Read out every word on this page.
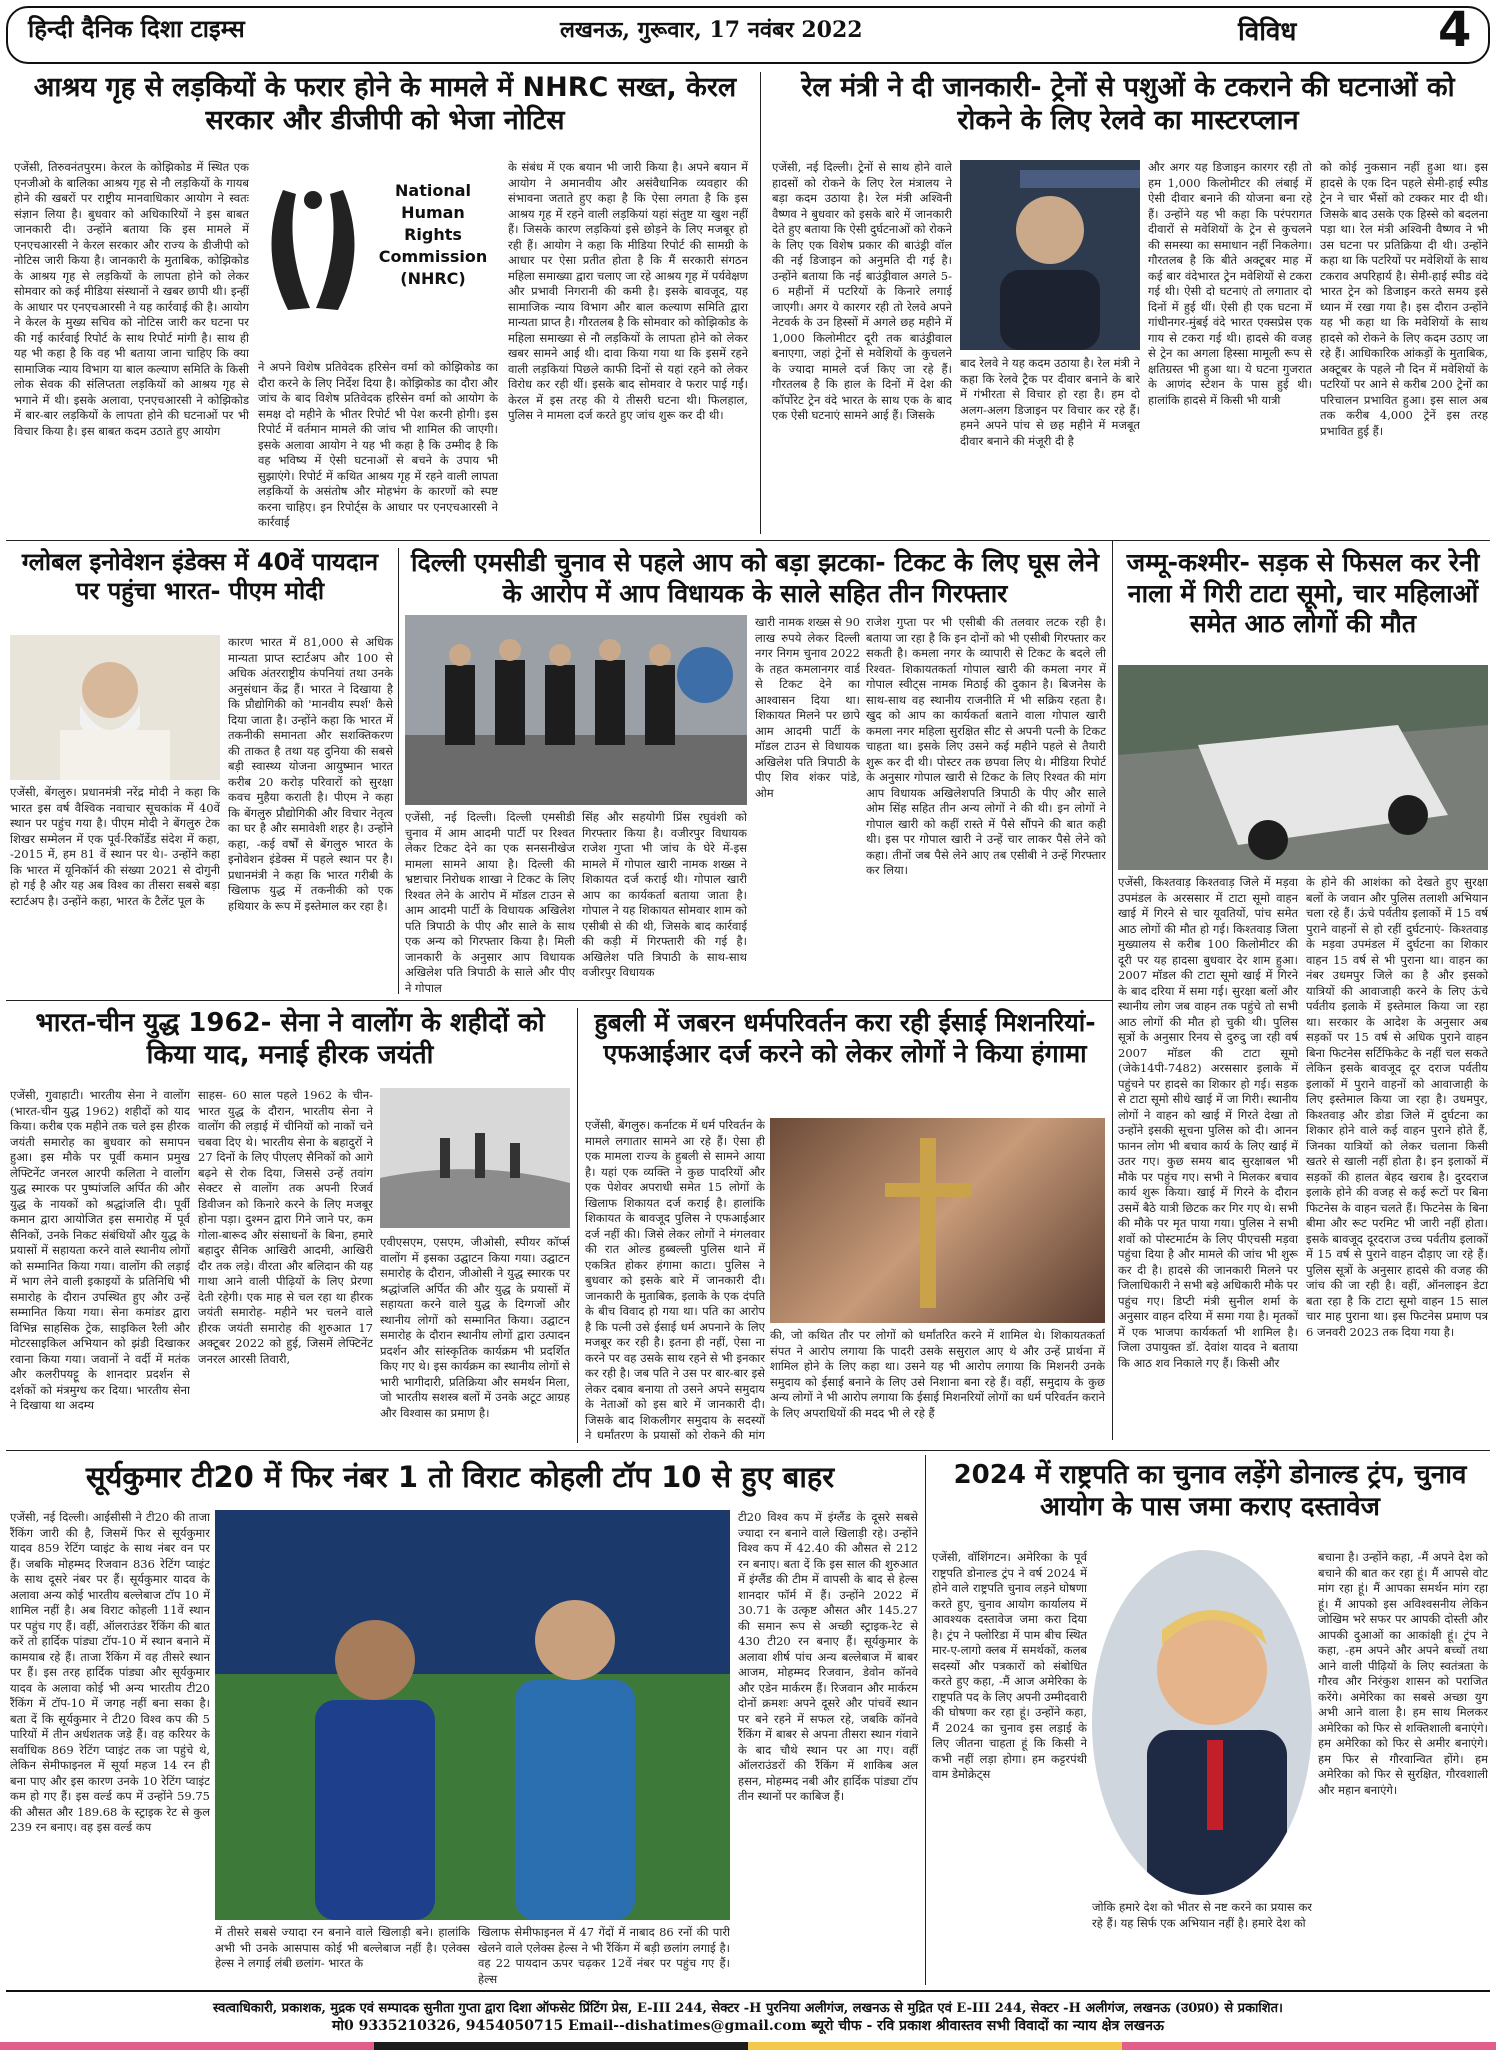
हिन्दी दैनिक दिशा टाइम्स	लखनऊ, गुरूवार, 17 नवंबर 2022	विविध	4
आश्रय गृह से लड़कियों के फरार होने के मामले में NHRC सख्त, केरल सरकार और डीजीपी को भेजा नोटिस
एजेंसी, तिरुवनंतपुरम। केरल के कोझिकोड में स्थित एक एनजीओ के बालिका आश्रय गृह से नौ लड़कियों के गायब होने की खबरों पर राष्ट्रीय मानवाधिकार आयोग ने स्वतः संज्ञान लिया है। बुधवार को अधिकारियों ने इस बाबत जानकारी दी। उन्होंने बताया कि इस मामले में एनएचआरसी ने केरल सरकार और राज्य के डीजीपी को नोटिस जारी किया है। जानकारी के मुताबिक, कोझिकोड के आश्रय गृह से लड़कियों के लापता होने को लेकर सोमवार को कई मीडिया संस्थानों ने खबर छापी थी। इन्हीं के आधार पर एनएचआरसी ने यह कार्रवाई की है। आयोग ने केरल के मुख्य सचिव को नोटिस जारी कर घटना पर की गई कार्रवाई रिपोर्ट के साथ रिपोर्ट मांगी है। साथ ही यह भी कहा है कि वह भी बताया जाना चाहिए कि क्या सामाजिक न्याय विभाग या बाल कल्याण समिति के किसी लोक सेवक की संलिप्तता लड़कियों को आश्रय गृह से भगाने में थी। इसके अलावा, एनएचआरसी ने कोझिकोड में बार-बार लड़कियों के लापता होने की घटनाओं पर भी विचार किया है। इस बाबत कदम उठाते हुए आयोग
National Human Rights Commission (NHRC)
ने अपने विशेष प्रतिवेदक हरिसेन वर्मा को कोझिकोड का दौरा करने के लिए निर्देश दिया है। कोझिकोड का दौरा और जांच के बाद विशेष प्रतिवेदक हरिसेन वर्मा को आयोग के समक्ष दो महीने के भीतर रिपोर्ट भी पेश करनी होगी। इस रिपोर्ट में वर्तमान मामले की जांच भी शामिल की जाएगी। इसके अलावा आयोग ने यह भी कहा है कि उम्मीद है कि वह भविष्य में ऐसी घटनाओं से बचने के उपाय भी सुझाएंगे। रिपोर्ट में कथित आश्रय गृह में रहने वाली लापता लड़कियों के असंतोष और मोहभंग के कारणों को स्पष्ट करना चाहिए। इन रिपोर्ट्स के आधार पर एनएचआरसी ने कार्रवाई
के संबंध में एक बयान भी जारी किया है। अपने बयान में आयोग ने अमानवीय और असंवैधानिक व्यवहार की संभावना जताते हुए कहा है कि ऐसा लगता है कि इस आश्रय गृह में रहने वाली लड़कियां यहां संतुष्ट या खुश नहीं हैं। जिसके कारण लड़कियां इसे छोड़ने के लिए मजबूर हो रही हैं। आयोग ने कहा कि मीडिया रिपोर्ट की सामग्री के आधार पर ऐसा प्रतीत होता है कि मैं सरकारी संगठन महिला समाख्या द्वारा चलाए जा रहे आश्रय गृह में पर्यवेक्षण और प्रभावी निगरानी की कमी है। इसके बावजूद, यह सामाजिक न्याय विभाग और बाल कल्याण समिति द्वारा मान्यता प्राप्त है। गौरतलब है कि सोमवार को कोझिकोड के महिला समाख्या से नौ लड़कियों के लापता होने को लेकर खबर सामने आई थी। दावा किया गया था कि इसमें रहने वाली लड़कियां पिछले काफी दिनों से यहां रहने को लेकर विरोध कर रही थीं। इसके बाद सोमवार वे फरार पाई गईं। केरल में इस तरह की ये तीसरी घटना थी। फिलहाल, पुलिस ने मामला दर्ज करते हुए जांच शुरू कर दी थी।
रेल मंत्री ने दी जानकारी- ट्रेनों से पशुओं के टकराने की घटनाओं को रोकने के लिए रेलवे का मास्टरप्लान
एजेंसी, नई दिल्ली। ट्रेनों से साथ होने वाले हादसों को रोकने के लिए रेल मंत्रालय ने बड़ा कदम उठाया है। रेल मंत्री अश्विनी वैष्णव ने बुधवार को इसके बारे में जानकारी देते हुए बताया कि ऐसी दुर्घटनाओं को रोकने के लिए एक विशेष प्रकार की बाउंड्री वॉल की नई डिजाइन को अनुमति दी गई है। उन्होंने बताया कि नई बाउंड्रीवाल अगले 5-6 महीनों में पटरियों के किनारे लगाई जाएगी। अगर ये कारगर रही तो रेलवे अपने नेटवर्क के उन हिस्सों में अगले छह महीने में 1,000 किलोमीटर दूरी तक बाउंड्रीवाल बनाएगा, जहां ट्रेनों से मवेशियों के कुचलने के ज्यादा मामले दर्ज किए जा रहे हैं। गौरतलब है कि हाल के दिनों में देश की कॉर्पोरेट ट्रेन वंदे भारत के साथ एक के बाद एक ऐसी घटनाएं सामने आई हैं। जिसके
बाद रेलवे ने यह कदम उठाया है। रेल मंत्री ने कहा कि रेलवे ट्रैक पर दीवार बनाने के बारे में गंभीरता से विचार हो रहा है। हम दो अलग-अलग डिजाइन पर विचार कर रहे हैं। हमने अपने पांच से छह महीने में मजबूत दीवार बनाने की मंजूरी दी है
और अगर यह डिजाइन कारगर रही तो हम 1,000 किलोमीटर की लंबाई में ऐसी दीवार बनाने की योजना बना रहे हैं। उन्होंने यह भी कहा कि परंपरागत दीवारों से मवेशियों के ट्रेन से कुचलने की समस्या का समाधान नहीं निकलेगा। गौरतलब है कि बीते अक्टूबर माह में कई बार वंदेभारत ट्रेन मवेशियों से टकरा गई थी। ऐसी दो घटनाएं तो लगातार दो दिनों में हुई थीं। ऐसी ही एक घटना में गांधीनगर-मुंबई वंदे भारत एक्सप्रेस एक गाय से टकरा गई थी। हादसे की वजह से ट्रेन का अगला हिस्सा मामूली रूप से क्षतिग्रस्त भी हुआ था। ये घटना गुजरात के आणंद स्टेशन के पास हुई थी। हालांकि हादसे में किसी भी यात्री
को कोई नुकसान नहीं हुआ था। इस हादसे के एक दिन पहले सेमी-हाई स्पीड ट्रेन ने चार भैंसों को टक्कर मार दी थी। जिसके बाद उसके एक हिस्से को बदलना पड़ा था। रेल मंत्री अश्विनी वैष्णव ने भी उस घटना पर प्रतिक्रिया दी थी। उन्होंने कहा था कि पटरियों पर मवेशियों के साथ टकराव अपरिहार्य है। सेमी-हाई स्पीड वंदे भारत ट्रेन को डिजाइन करते समय इसे ध्यान में रखा गया है। इस दौरान उन्होंने यह भी कहा था कि मवेशियों के साथ हादसे को रोकने के लिए कदम उठाए जा रहे हैं। आधिकारिक आंकड़ों के मुताबिक, अक्टूबर के पहले नौ दिन में मवेशियों के पटरियों पर आने से करीब 200 ट्रेनों का परिचालन प्रभावित हुआ। इस साल अब तक करीब 4,000 ट्रेनें इस तरह प्रभावित हुई हैं।
ग्लोबल इनोवेशन इंडेक्स में 40वें पायदान पर पहुंचा भारत- पीएम मोदी
एजेंसी, बेंगलुरु। प्रधानमंत्री नरेंद्र मोदी ने कहा कि भारत इस वर्ष वैश्विक नवाचार सूचकांक में 40वें स्थान पर पहुंच गया है। पीएम मोदी ने बेंगलुरु टेक शिखर सम्मेलन में एक पूर्व-रिकॉर्डेड संदेश में कहा, -2015 में, हम 81 वें स्थान पर थे।- उन्होंने कहा कि भारत में यूनिकॉर्न की संख्या 2021 से दोगुनी हो गई है और यह अब विश्व का तीसरा सबसे बड़ा स्टार्टअप है। उन्होंने कहा, भारत के टैलेंट पूल के
कारण भारत में 81,000 से अधिक मान्यता प्राप्त स्टार्टअप और 100 से अधिक अंतरराष्ट्रीय कंपनियां तथा उनके अनुसंधान केंद्र हैं। भारत ने दिखाया है कि प्रौद्योगिकी को 'मानवीय स्पर्श' कैसे दिया जाता है। उन्होंने कहा कि भारत में तकनीकी समानता और सशक्तिकरण की ताकत है तथा यह दुनिया की सबसे बड़ी स्वास्थ्य योजना आयुष्मान भारत करीब 20 करोड़ परिवारों को सुरक्षा कवच मुहैया कराती है। पीएम ने कहा कि बेंगलुरु प्रौद्योगिकी और विचार नेतृत्व का घर है और समावेशी शहर है। उन्होंने कहा, -कई वर्षों से बेंगलुरु भारत के इनोवेशन इंडेक्स में पहले स्थान पर है। प्रधानमंत्री ने कहा कि भारत गरीबी के खिलाफ युद्ध में तकनीकी को एक हथियार के रूप में इस्तेमाल कर रहा है।
दिल्ली एमसीडी चुनाव से पहले आप को बड़ा झटका- टिकट के लिए घूस लेने के आरोप में आप विधायक के साले सहित तीन गिरफ्तार
एजेंसी, नई दिल्ली। दिल्ली एमसीडी चुनाव में आम आदमी पार्टी पर रिश्वत लेकर टिकट देने का एक सनसनीखेज मामला सामने आया है। दिल्ली की भ्रष्टाचार निरोधक शाखा ने टिकट के लिए रिश्वत लेने के आरोप में मॉडल टाउन से आम आदमी पार्टी के विधायक अखिलेश पति त्रिपाठी के पीए और साले के साथ एक अन्य को गिरफ्तार किया है। मिली जानकारी के अनुसार आप विधायक अखिलेश पति त्रिपाठी के साले और पीए ने गोपाल
सिंह और सहयोगी प्रिंस रघुवंशी को गिरफ्तार किया है। वजीरपुर विधायक राजेश गुप्ता भी जांच के घेरे में-इस मामले में गोपाल खारी नामक शख्स ने शिकायत दर्ज कराई थी। गोपाल खारी आप का कार्यकर्ता बताया जाता है। गोपाल ने यह शिकायत सोमवार शाम को एसीबी से की थी, जिसके बाद कार्रवाई की कड़ी में गिरफ्तारी की गई है। अखिलेश पति त्रिपाठी के साथ-साथ वजीरपुर विधायक
खारी नामक शख्स से 90 लाख रुपये लेकर दिल्ली नगर निगम चुनाव 2022 के तहत कमलानगर वार्ड से टिकट देने का आश्वासन दिया था। शिकायत मिलने पर छापे आम आदमी पार्टी के मॉडल टाउन से विधायक अखिलेश पति त्रिपाठी के पीए शिव शंकर पांडे, ओम
राजेश गुप्ता पर भी एसीबी की तलवार लटक रही है। बताया जा रहा है कि इन दोनों को भी एसीबी गिरफ्तार कर सकती है। कमला नगर के व्यापारी से टिकट के बदले ली रिश्वत- शिकायतकर्ता गोपाल खारी की कमला नगर में गोपाल स्वीट्स नामक मिठाई की दुकान है। बिजनेस के साथ-साथ वह स्थानीय राजनीति में भी सक्रिय रहता है। खुद को आप का कार्यकर्ता बताने वाला गोपाल खारी कमला नगर महिला सुरक्षित सीट से अपनी पत्नी के टिकट चाहता था। इसके लिए उसने कई महीने पहले से तैयारी शुरू कर दी थी। पोस्टर तक छपवा लिए थे। मीडिया रिपोर्ट के अनुसार गोपाल खारी से टिकट के लिए रिश्वत की मांग आप विधायक अखिलेशपति त्रिपाठी के पीए और साले ओम सिंह सहित तीन अन्य लोगों ने की थी। इन लोगों ने गोपाल खारी को कहीं रास्ते में पैसे सौंपने की बात कही थी। इस पर गोपाल खारी ने उन्हें चार लाकर पैसे लेने को कहा। तीनों जब पैसे लेने आए तब एसीबी ने उन्हें गिरफ्तार कर लिया।
जम्मू-कश्मीर- सड़क से फिसल कर रेनी नाला में गिरी टाटा सूमो, चार महिलाओं समेत आठ लोगों की मौत
एजेंसी, किश्तवाड़ किश्तवाड़ जिले में मड़वा उपमंडल के अरससार में टाटा सूमो वाहन खाई में गिरने से चार यूवतियों, पांच समेत आठ लोगों की मौत हो गई। किश्तवाड़ जिला मुख्यालय से करीब 100 किलोमीटर की दूरी पर यह हादसा बुधवार देर शाम हुआ। 2007 मॉडल की टाटा सूमो खाई में गिरने के बाद दरिया में समा गई। सुरक्षा बलों और स्थानीय लोग जब वाहन तक पहुंचे तो सभी आठ लोगों की मौत हो चुकी थी। पुलिस सूत्रों के अनुसार रिनय से दुरुदु जा रही वर्ष 2007 मॉडल की टाटा सूमो (जेके14पी-7482) अरससार इलाके में पहुंचने पर हादसे का शिकार हो गई। सड़क से टाटा सूमो सीधे खाई में जा गिरी। स्थानीय लोगों ने वाहन को खाई में गिरते देखा तो उन्होंने इसकी सूचना पुलिस को दी। आनन फानन लोग भी बचाव कार्य के लिए खाई में उतर गए। कुछ समय बाद सुरक्षाबल भी मौके पर पहुंच गए। सभी ने मिलकर बचाव कार्य शुरू किया। खाई में गिरने के दौरान उसमें बैठे यात्री छिटक कर गिर गए थे। सभी की मौके पर मृत पाया गया। पुलिस ने सभी शवों को पोस्टमार्टम के लिए पीएचसी मड़वा पहुंचा दिया है और मामले की जांच भी शुरू कर दी है। हादसे की जानकारी मिलने पर जिलाधिकारी ने सभी बड़े अधिकारी मौके पर पहुंच गए। डिप्टी मंत्री सुनील शर्मा के अनुसार वाहन दरिया में समा गया है। मृतकों में एक भाजपा कार्यकर्ता भी शामिल है। जिला उपायुक्त डॉ. देवांश यादव ने बताया कि आठ शव निकाले गए हैं। किसी और
के होने की आशंका को देखते हुए सुरक्षा बलों के जवान और पुलिस तलाशी अभियान चला रहे हैं। ऊंचे पर्वतीय इलाकों में 15 वर्ष पुराने वाहनों से हो रहीं दुर्घटनाएं- किश्तवाड़ के मड़वा उपमंडल में दुर्घटना का शिकार वाहन 15 वर्ष से भी पुराना था। वाहन का नंबर उधमपुर जिले का है और इसको यात्रियों की आवाजाही करने के लिए ऊंचे पर्वतीय इलाके में इस्तेमाल किया जा रहा था। सरकार के आदेश के अनुसार अब सड़कों पर 15 वर्ष से अधिक पुराने वाहन बिना फिटनेस सर्टिफिकेट के नहीं चल सकते लेकिन इसके बावजूद दूर दराज पर्वतीय इलाकों में पुराने वाहनों को आवाजाही के लिए इस्तेमाल किया जा रहा है। उधमपुर, किश्तवाड़ और डोडा जिले में दुर्घटना का शिकार होने वाले कई वाहन पुराने होते हैं, जिनका यात्रियों को लेकर चलाना किसी खतरे से खाली नहीं होता है। इन इलाकों में सड़कों की हालत बेहद खराब है। दुरदराज इलाके होने की वजह से कई रूटों पर बिना फिटनेस के वाहन चलते हैं। फिटनेस के बिना बीमा और रूट परमिट भी जारी नहीं होता। इसके बावजूद दूरदराज उच्च पर्वतीय इलाकों में 15 वर्ष से पुराने वाहन दौड़ाए जा रहे हैं। पुलिस सूत्रों के अनुसार हादसे की वजह की जांच की जा रही है। वहीं, ऑनलाइन डेटा बता रहा है कि टाटा सूमो वाहन 15 साल चार माह पुराना था। इस फिटनेस प्रमाण पत्र 6 जनवरी 2023 तक दिया गया है।
भारत-चीन युद्ध 1962- सेना ने वालोंग के शहीदों को किया याद, मनाई हीरक जयंती
एजेंसी, गुवाहाटी। भारतीय सेना ने वालोंग (भारत-चीन युद्ध 1962) शहीदों को याद किया। करीब एक महीने तक चले इस हीरक जयंती समारोह का बुधवार को समापन हुआ। इस मौके पर पूर्वी कमान प्रमुख लेफ्टिनेंट जनरल आरपी कलिता ने वालोंग युद्ध स्मारक पर पुष्पांजलि अर्पित की और युद्ध के नायकों को श्रद्धांजलि दी। पूर्वी कमान द्वारा आयोजित इस समारोह में पूर्व सैनिकों, उनके निकट संबंधियों और युद्ध के प्रयासों में सहायता करने वाले स्थानीय लोगों को सम्मानित किया गया। वालोंग की लड़ाई में भाग लेने वाली इकाइयों के प्रतिनिधि भी समारोह के दौरान उपस्थित हुए और उन्हें सम्मानित किया गया। सेना कमांडर द्वारा विभिन्न साहसिक ट्रेक, साइकिल रैली और मोटरसाइकिल अभियान को झंडी दिखाकर रवाना किया गया। जवानों ने वर्दी में मतंक और कलरीपयट्टू के शानदार प्रदर्शन से दर्शकों को मंत्रमुग्ध कर दिया। भारतीय सेना ने दिखाया था अदम्य
साहस- 60 साल पहले 1962 के चीन-भारत युद्ध के दौरान, भारतीय सेना ने वालोंग की लड़ाई में चीनियों को नाकों चने चबवा दिए थे। भारतीय सेना के बहादुरों ने 27 दिनों के लिए पीएलए सैनिकों को आगे बढ़ने से रोक दिया, जिससे उन्हें तवांग सेक्टर से वालोंग तक अपनी रिजर्व डिवीजन को किनारे करने के लिए मजबूर होना पड़ा। दुश्मन द्वारा गिने जाने पर, कम गोला-बारूद और संसाधनों के बिना, हमारे बहादुर सैनिक आखिरी आदमी, आखिरी दौर तक लड़े। वीरता और बलिदान की यह गाथा आने वाली पीढ़ियों के लिए प्रेरणा देती रहेगी। एक माह से चल रहा था हीरक जयंती समारोह- महीने भर चलने वाले हीरक जयंती समारोह की शुरुआत 17 अक्टूबर 2022 को हुई, जिसमें लेफ्टिनेंट जनरल आरसी तिवारी,
एवीएसएम, एसएम, जीओसी, स्पीयर कॉर्प्स वालोंग में इसका उद्घाटन किया गया। उद्घाटन समारोह के दौरान, जीओसी ने युद्ध स्मारक पर श्रद्धांजलि अर्पित की और युद्ध के प्रयासों में सहायता करने वाले युद्ध के दिग्गजों और स्थानीय लोगों को सम्मानित किया। उद्घाटन समारोह के दौरान स्थानीय लोगों द्वारा उत्पादन प्रदर्शन और सांस्कृतिक कार्यक्रम भी प्रदर्शित किए गए थे। इस कार्यक्रम का स्थानीय लोगों से भारी भागीदारी, प्रतिक्रिया और समर्थन मिला, जो भारतीय सशस्त्र बलों में उनके अटूट आग्रह और विश्वास का प्रमाण है।
हुबली में जबरन धर्मपरिवर्तन करा रही ईसाई मिशनरियां- एफआईआर दर्ज करने को लेकर लोगों ने किया हंगामा
एजेंसी, बेंगलुरु। कर्नाटक में धर्म परिवर्तन के मामले लगातार सामने आ रहे हैं। ऐसा ही एक मामला राज्य के हुबली से सामने आया है। यहां एक व्यक्ति ने कुछ पादरियों और एक पेशेवर अपराधी समेत 15 लोगों के खिलाफ शिकायत दर्ज कराई है। हालांकि शिकायत के बावजूद पुलिस ने एफआईआर दर्ज नहीं की। जिसे लेकर लोगों ने मंगलवार की रात ओल्ड हुब्बल्ली पुलिस थाने में एकत्रित होकर हंगामा काटा। पुलिस ने बुधवार को इसके बारे में जानकारी दी। जानकारी के मुताबिक, इलाके के एक दंपति के बीच विवाद हो गया था। पति का आरोप है कि पत्नी उसे ईसाई धर्म अपनाने के लिए मजबूर कर रही है। इतना ही नहीं, ऐसा ना करने पर वह उसके साथ रहने से भी इनकार कर रही है। जब पति ने उस पर बार-बार इसे लेकर दबाव बनाया तो उसने अपने समुदाय के नेताओं को इस बारे में जानकारी दी। जिसके बाद शिकलीगर समुदाय के सदस्यों ने धर्मांतरण के प्रयासों को रोकने की मांग
की, जो कथित तौर पर लोगों को धर्मांतरित करने में शामिल थे। शिकायतकर्ता संपत ने आरोप लगाया कि पादरी उसके ससुराल आए थे और उन्हें प्रार्थना में शामिल होने के लिए कहा था। उसने यह भी आरोप लगाया कि मिशनरी उनके समुदाय को ईसाई बनाने के लिए उसे निशाना बना रहे हैं। वहीं, समुदाय के कुछ अन्य लोगों ने भी आरोप लगाया कि ईसाई मिशनरियों लोगों का धर्म परिवर्तन कराने के लिए अपराधियों की मदद भी ले रहे हैं
सूर्यकुमार टी20 में फिर नंबर 1 तो विराट कोहली टॉप 10 से हुए बाहर
एजेंसी, नई दिल्ली। आईसीसी ने टी20 की ताजा रैंकिंग जारी की है, जिसमें फिर से सूर्यकुमार यादव 859 रेटिंग प्वाइंट के साथ नंबर वन पर हैं। जबकि मोहम्मद रिजवान 836 रेटिंग प्वाइंट के साथ दूसरे नंबर पर हैं। सूर्यकुमार यादव के अलावा अन्य कोई भारतीय बल्लेबाज टॉप 10 में शामिल नहीं है। अब विराट कोहली 11वें स्थान पर पहुंच गए हैं। वहीं, ऑलराउंडर रैंकिंग की बात करें तो हार्दिक पांड्या टॉप-10 में स्थान बनाने में कामयाब रहे हैं। ताजा रैंकिंग में वह तीसरे स्थान पर हैं। इस तरह हार्दिक पांड्या और सूर्यकुमार यादव के अलावा कोई भी अन्य भारतीय टी20 रैंकिंग में टॉप-10 में जगह नहीं बना सका है। बता दें कि सूर्यकुमार ने टी20 विश्व कप की 5 पारियों में तीन अर्धशतक जड़े हैं। वह करियर के सर्वाधिक 869 रेटिंग प्वाइंट तक जा पहुंचे थे, लेकिन सेमीफाइनल में सूर्या महज 14 रन ही बना पाए और इस कारण उनके 10 रेटिंग प्वाइंट कम हो गए हैं। इस वर्ल्ड कप में उन्होंने 59.75 की औसत और 189.68 के स्ट्राइक रेट से कुल 239 रन बनाए। वह इस वर्ल्ड कप
में तीसरे सबसे ज्यादा रन बनाने वाले खिलाड़ी बने। हालांकि अभी भी उनके आसपास कोई भी बल्लेबाज नहीं है। एलेक्स हेल्स ने लगाई लंबी छलांग- भारत के
खिलाफ सेमीफाइनल में 47 गेंदों में नाबाद 86 रनों की पारी खेलने वाले एलेक्स हेल्स ने भी रैंकिंग में बड़ी छलांग लगाई है। वह 22 पायदान ऊपर चढ़कर 12वें नंबर पर पहुंच गए हैं। हेल्स
टी20 विश्व कप में इंग्लैंड के दूसरे सबसे ज्यादा रन बनाने वाले खिलाड़ी रहे। उन्होंने विश्व कप में 42.40 की औसत से 212 रन बनाए। बता दें कि इस साल की शुरुआत में इंग्लैंड की टीम में वापसी के बाद से हेल्स शानदार फॉर्म में हैं। उन्होंने 2022 में 30.71 के उत्कृष्ट औसत और 145.27 की समान रूप से अच्छी स्ट्राइक-रेट से 430 टी20 रन बनाए हैं। सूर्यकुमार के अलावा शीर्ष पांच अन्य बल्लेबाज में बाबर आजम, मोहम्मद रिजवान, डेवोन कॉनवे और एडेन मार्करम हैं। रिजवान और मार्करम दोनों क्रमशः अपने दूसरे और पांचवें स्थान पर बने रहने में सफल रहे, जबकि कॉनवे रैंकिंग में बाबर से अपना तीसरा स्थान गंवाने के बाद चौथे स्थान पर आ गए। वहीं ऑलराउंडरों की रैंकिंग में शाकिब अल हसन, मोहम्मद नबी और हार्दिक पांड्या टॉप तीन स्थानों पर काबिज हैं।
2024 में राष्ट्रपति का चुनाव लड़ेंगे डोनाल्ड ट्रंप, चुनाव आयोग के पास जमा कराए दस्तावेज
एजेंसी, वॉशिंगटन। अमेरिका के पूर्व राष्ट्रपति डोनाल्ड ट्रंप ने वर्ष 2024 में होने वाले राष्ट्रपति चुनाव लड़ने घोषणा करते हुए, चुनाव आयोग कार्यालय में आवश्यक दस्तावेज जमा करा दिया है। ट्रंप ने फ्लोरिडा में पाम बीच स्थित मार-ए-लागो क्लब में समर्थकों, कलब सदस्यों और पत्रकारों को संबोधित करते हुए कहा, -मैं आज अमेरिका के राष्ट्रपति पद के लिए अपनी उम्मीदवारी की घोषणा कर रहा हूं। उन्होंने कहा, मैं 2024 का चुनाव इस लड़ाई के लिए जीतना चाहता हूं कि किसी ने कभी नहीं लड़ा होगा। हम कट्टरपंथी वाम डेमोक्रेट्स
जोकि हमारे देश को भीतर से नष्ट करने का प्रयास कर रहे हैं। यह सिर्फ एक अभियान नहीं है। हमारे देश को
बचाना है। उन्होंने कहा, -मैं अपने देश को बचाने की बात कर रहा हूं। मैं आपसे वोट मांग रहा हूं। मैं आपका समर्थन मांग रहा हूं। मैं आपको इस अविश्वसनीय लेकिन जोखिम भरे सफर पर आपकी दोस्ती और आपकी दुआओं का आकांक्षी हूं। ट्रंप ने कहा, -हम अपने और अपने बच्चों तथा आने वाली पीढ़ियों के लिए स्वतंत्रता के गौरव और निरंकुश शासन को पराजित करेंगे। अमेरिका का सबसे अच्छा युग अभी आने वाला है। हम साथ मिलकर अमेरिका को फिर से शक्तिशाली बनाएंगे। हम अमेरिका को फिर से अमीर बनाएंगे। हम फिर से गौरवान्वित होंगे। हम अमेरिका को फिर से सुरक्षित, गौरवशाली और महान बनाएंगे।
स्वत्वाधिकारी, प्रकाशक, मुद्रक एवं सम्पादक सुनीता गुप्ता द्वारा दिशा ऑफसेट प्रिंटिंग प्रेस, E-III 244, सेक्टर -H पुरनिया अलीगंज, लखनऊ से मुद्रित एवं E-III 244, सेक्टर -H अलीगंज, लखनऊ (उ0प्र0) से प्रकाशित।
मो0 9335210326, 9454050715 Email--dishatimes@gmail.com ब्यूरो चीफ - रवि प्रकाश श्रीवास्तव सभी विवादों का न्याय क्षेत्र लखनऊ
